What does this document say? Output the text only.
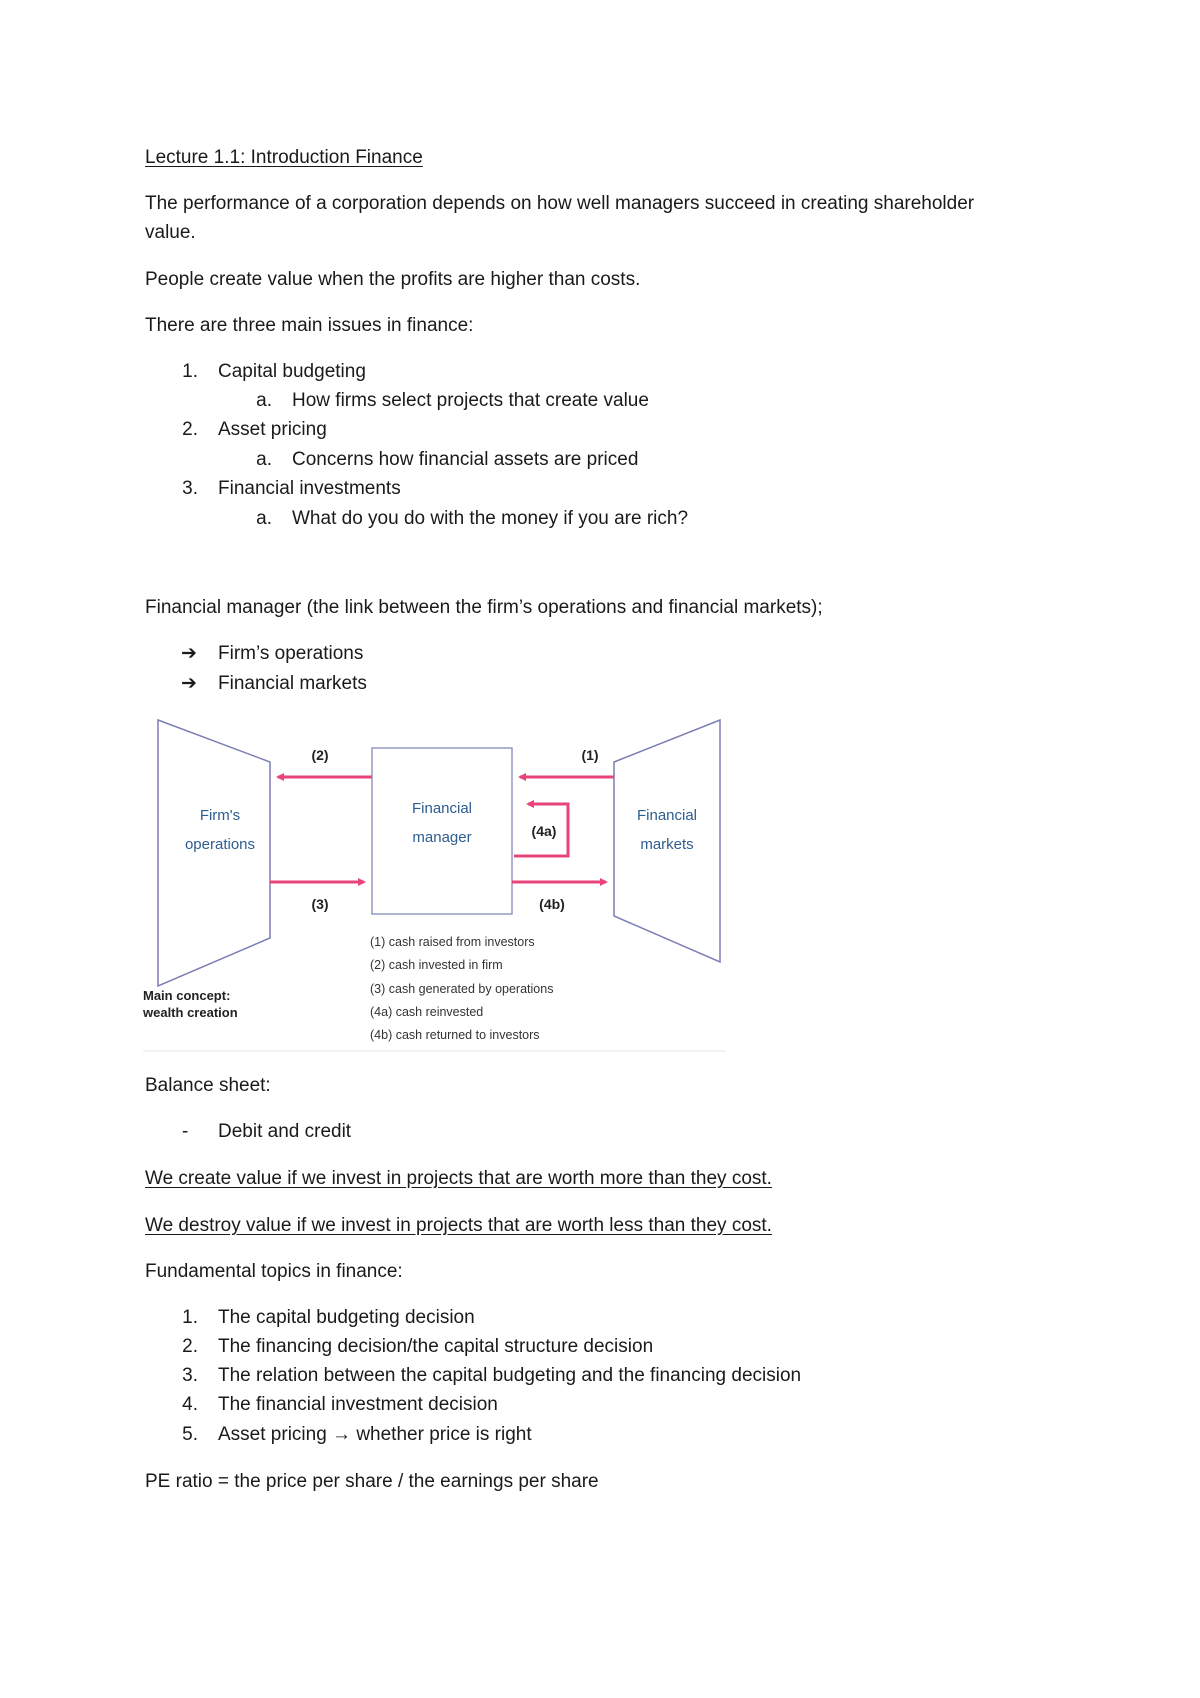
Lecture 1.1: Introduction Finance
The performance of a corporation depends on how well managers succeed in creating shareholder
value.
People create value when the profits are higher than costs.
There are three main issues in finance:
1. Capital budgeting
a. How firms select projects that create value
2. Asset pricing
a. Concerns how financial assets are priced
3. Financial investments
a. What do you do with the money if you are rich?
Financial manager (the link between the firm’s operations and financial markets);
➔ Firm’s operations
➔ Financial markets
Firm's
operations
Financial
manager
Financial
markets
(2)	(1)
(4a)
(3)	(4b)
(1) cash raised from investors
(2) cash invested in firm
(3) cash generated by operations
(4a) cash reinvested
(4b) cash returned to investors
Main concept:
wealth creation
Balance sheet:
- Debit and credit
We create value if we invest in projects that are worth more than they cost.
We destroy value if we invest in projects that are worth less than they cost.
Fundamental topics in finance:
1. The capital budgeting decision
2. The financing decision/the capital structure decision
3. The relation between the capital budgeting and the financing decision
4. The financial investment decision
5. Asset pricing → whether price is right
PE ratio = the price per share / the earnings per share
